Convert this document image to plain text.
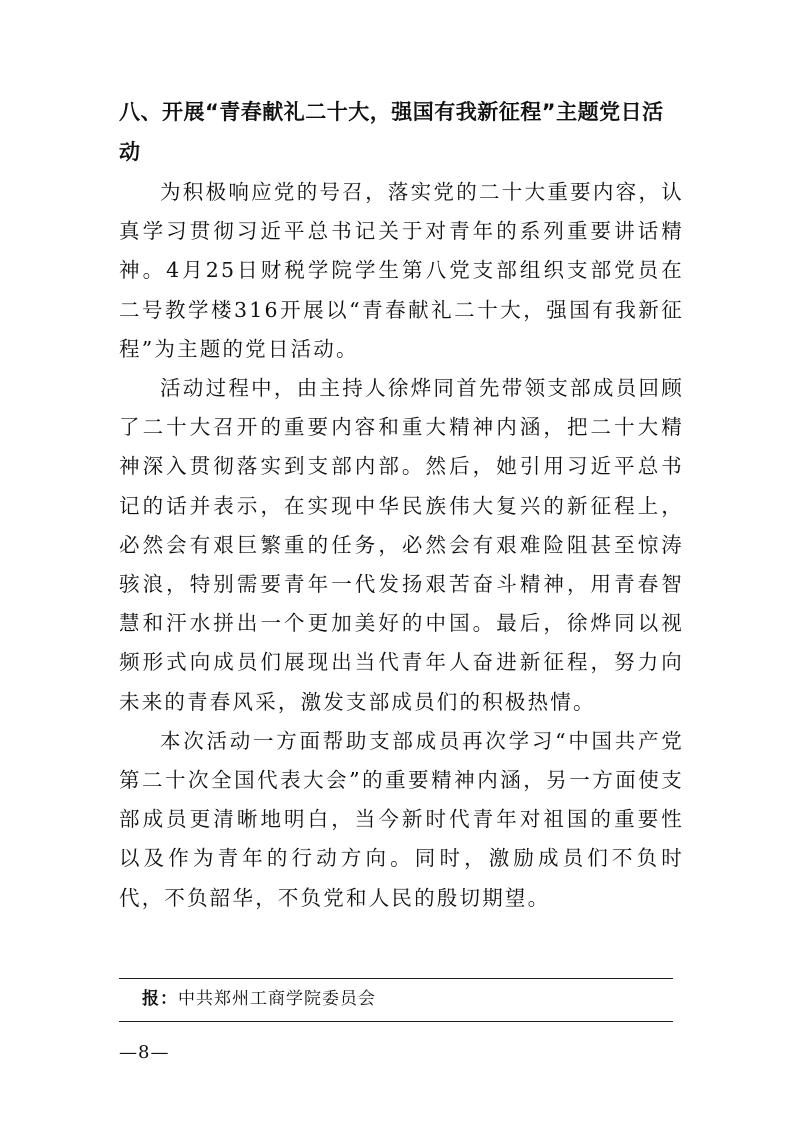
八、开展“青春献礼二十大，强国有我新征程”主题党日活动

为积极响应党的号召，落实党的二十大重要内容，认真学习贯彻习近平总书记关于对青年的系列重要讲话精神。4月25日财税学院学生第八党支部组织支部党员在二号教学楼316开展以“青春献礼二十大，强国有我新征程”为主题的党日活动。

活动过程中，由主持人徐烨同首先带领支部成员回顾了二十大召开的重要内容和重大精神内涵，把二十大精神深入贯彻落实到支部内部。然后，她引用习近平总书记的话并表示，在实现中华民族伟大复兴的新征程上，必然会有艰巨繁重的任务，必然会有艰难险阻甚至惊涛骇浪，特别需要青年一代发扬艰苦奋斗精神，用青春智慧和汗水拼出一个更加美好的中国。最后，徐烨同以视频形式向成员们展现出当代青年人奋进新征程，努力向未来的青春风采，激发支部成员们的积极热情。

本次活动一方面帮助支部成员再次学习“中国共产党第二十次全国代表大会”的重要精神内涵，另一方面使支部成员更清晰地明白，当今新时代青年对祖国的重要性以及作为青年的行动方向。同时，激励成员们不负时代，不负韶华，不负党和人民的殷切期望。

报：中共郑州工商学院委员会
—8—
